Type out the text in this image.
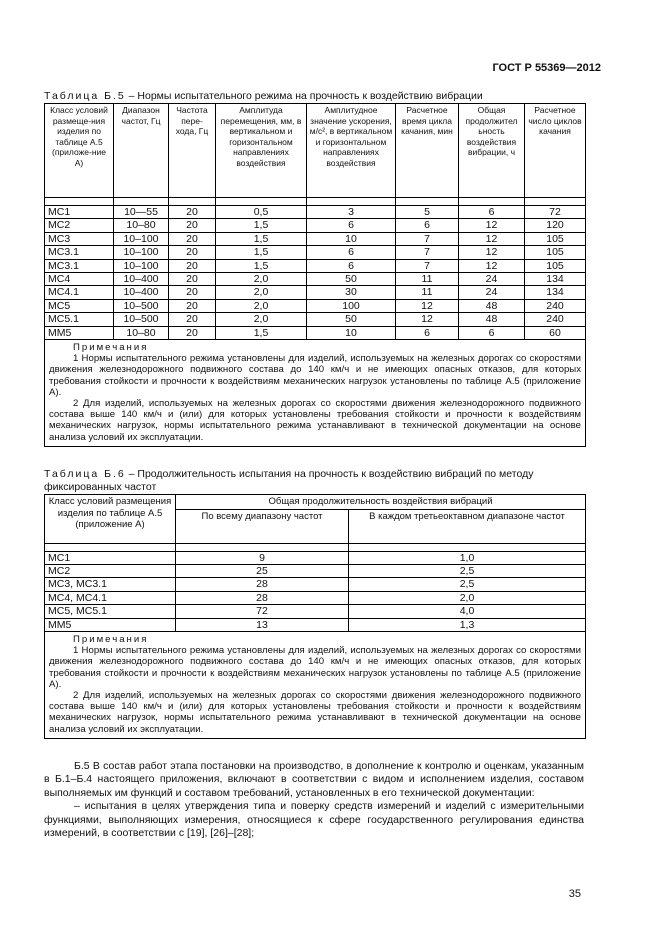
ГОСТ Р 55369—2012
Таблица Б.5 – Нормы испытательного режима на прочность к воздействию вибрации
Класс условий размеще-ния изделия по таблице А.5 (приложе-ние А)	Диапазон частот, Гц	Частота пере-хода, Гц	Амплитуда перемещения, мм, в вертикальном и горизонтальном направлениях воздействия	Амплитудное значение ускорения, м/с², в вертикальном и горизонтальном направлениях воздействия	Расчетное время цикла качания, мин	Общая продолжител ьность воздействия вибрации, ч	Расчетное число циклов качания

МС1	10—55	20	0,5	3	5	6	72
МС2	10–80	20	1,5	6	6	12	120
МС3	10–100	20	1,5	10	7	12	105
МС3.1	10–100	20	1,5	6	7	12	105
МС3.1	10–100	20	1,5	6	7	12	105
МС4	10–400	20	2,0	50	11	24	134
МС4.1	10–400	20	2,0	30	11	24	134
МС5	10–500	20	2,0	100	12	48	240
МС5.1	10–500	20	2,0	50	12	48	240
ММ5	10–80	20	1,5	10	6	6	60

Примечания

1 Нормы испытательного режима установлены для изделий, используемых на железных дорогах со скоростями движения железнодорожного подвижного состава до 140 км/ч и не имеющих опасных отказов, для которых требования стойкости и прочности к воздействиям механических нагрузок установлены по таблице А.5 (приложение А).

2 Для изделий, используемых на железных дорогах со скоростями движения железнодорожного подвижного состава выше 140 км/ч и (или) для которых установлены требования стойкости и прочности к воздействиям механических нагрузок, нормы испытательного режима устанавливают в технической документации на основе анализа условий их эксплуатации.							

Таблица Б.6 – Продолжительность испытания на прочность к воздействию вибраций по методу фиксированных частот
Класс условий размещения изделия по таблице А.5 (приложение А)	Общая продолжительность воздействия вибраций	
	По всему диапазону частот	В каждом третьеоктавном диапазоне частот

МС1	9	1,0
МС2	25	2,5
МС3, МС3.1	28	2,5
МС4, МС4.1	28	2,0
МС5, МС5.1	72	4,0
ММ5	13	1,3

Примечания

1 Нормы испытательного режима установлены для изделий, используемых на железных дорогах со скоростями движения железнодорожного подвижного состава до 140 км/ч и не имеющих опасных отказов, для которых требования стойкости и прочности к воздействиям механических нагрузок установлены по таблице А.5 (приложение А).

2 Для изделий, используемых на железных дорогах со скоростями движения железнодорожного подвижного состава выше 140 км/ч и (или) для которых установлены требования стойкости и прочности к воздействиям механических нагрузок, нормы испытательного режима устанавливают в технической документации на основе анализа условий их эксплуатации.		

Б.5 В состав работ этапа постановки на производство, в дополнение к контролю и оценкам, указанным в Б.1–Б.4 настоящего приложения, включают в соответствии с видом и исполнением изделия, составом выполняемых им функций и составом требований, установленных в его технической документации:

– испытания в целях утверждения типа и поверку средств измерений и изделий с измерительными функциями, выполняющих измерения, относящиеся к сфере государственного регулирования единства измерений, в соответствии с [19], [26]–[28];

35
